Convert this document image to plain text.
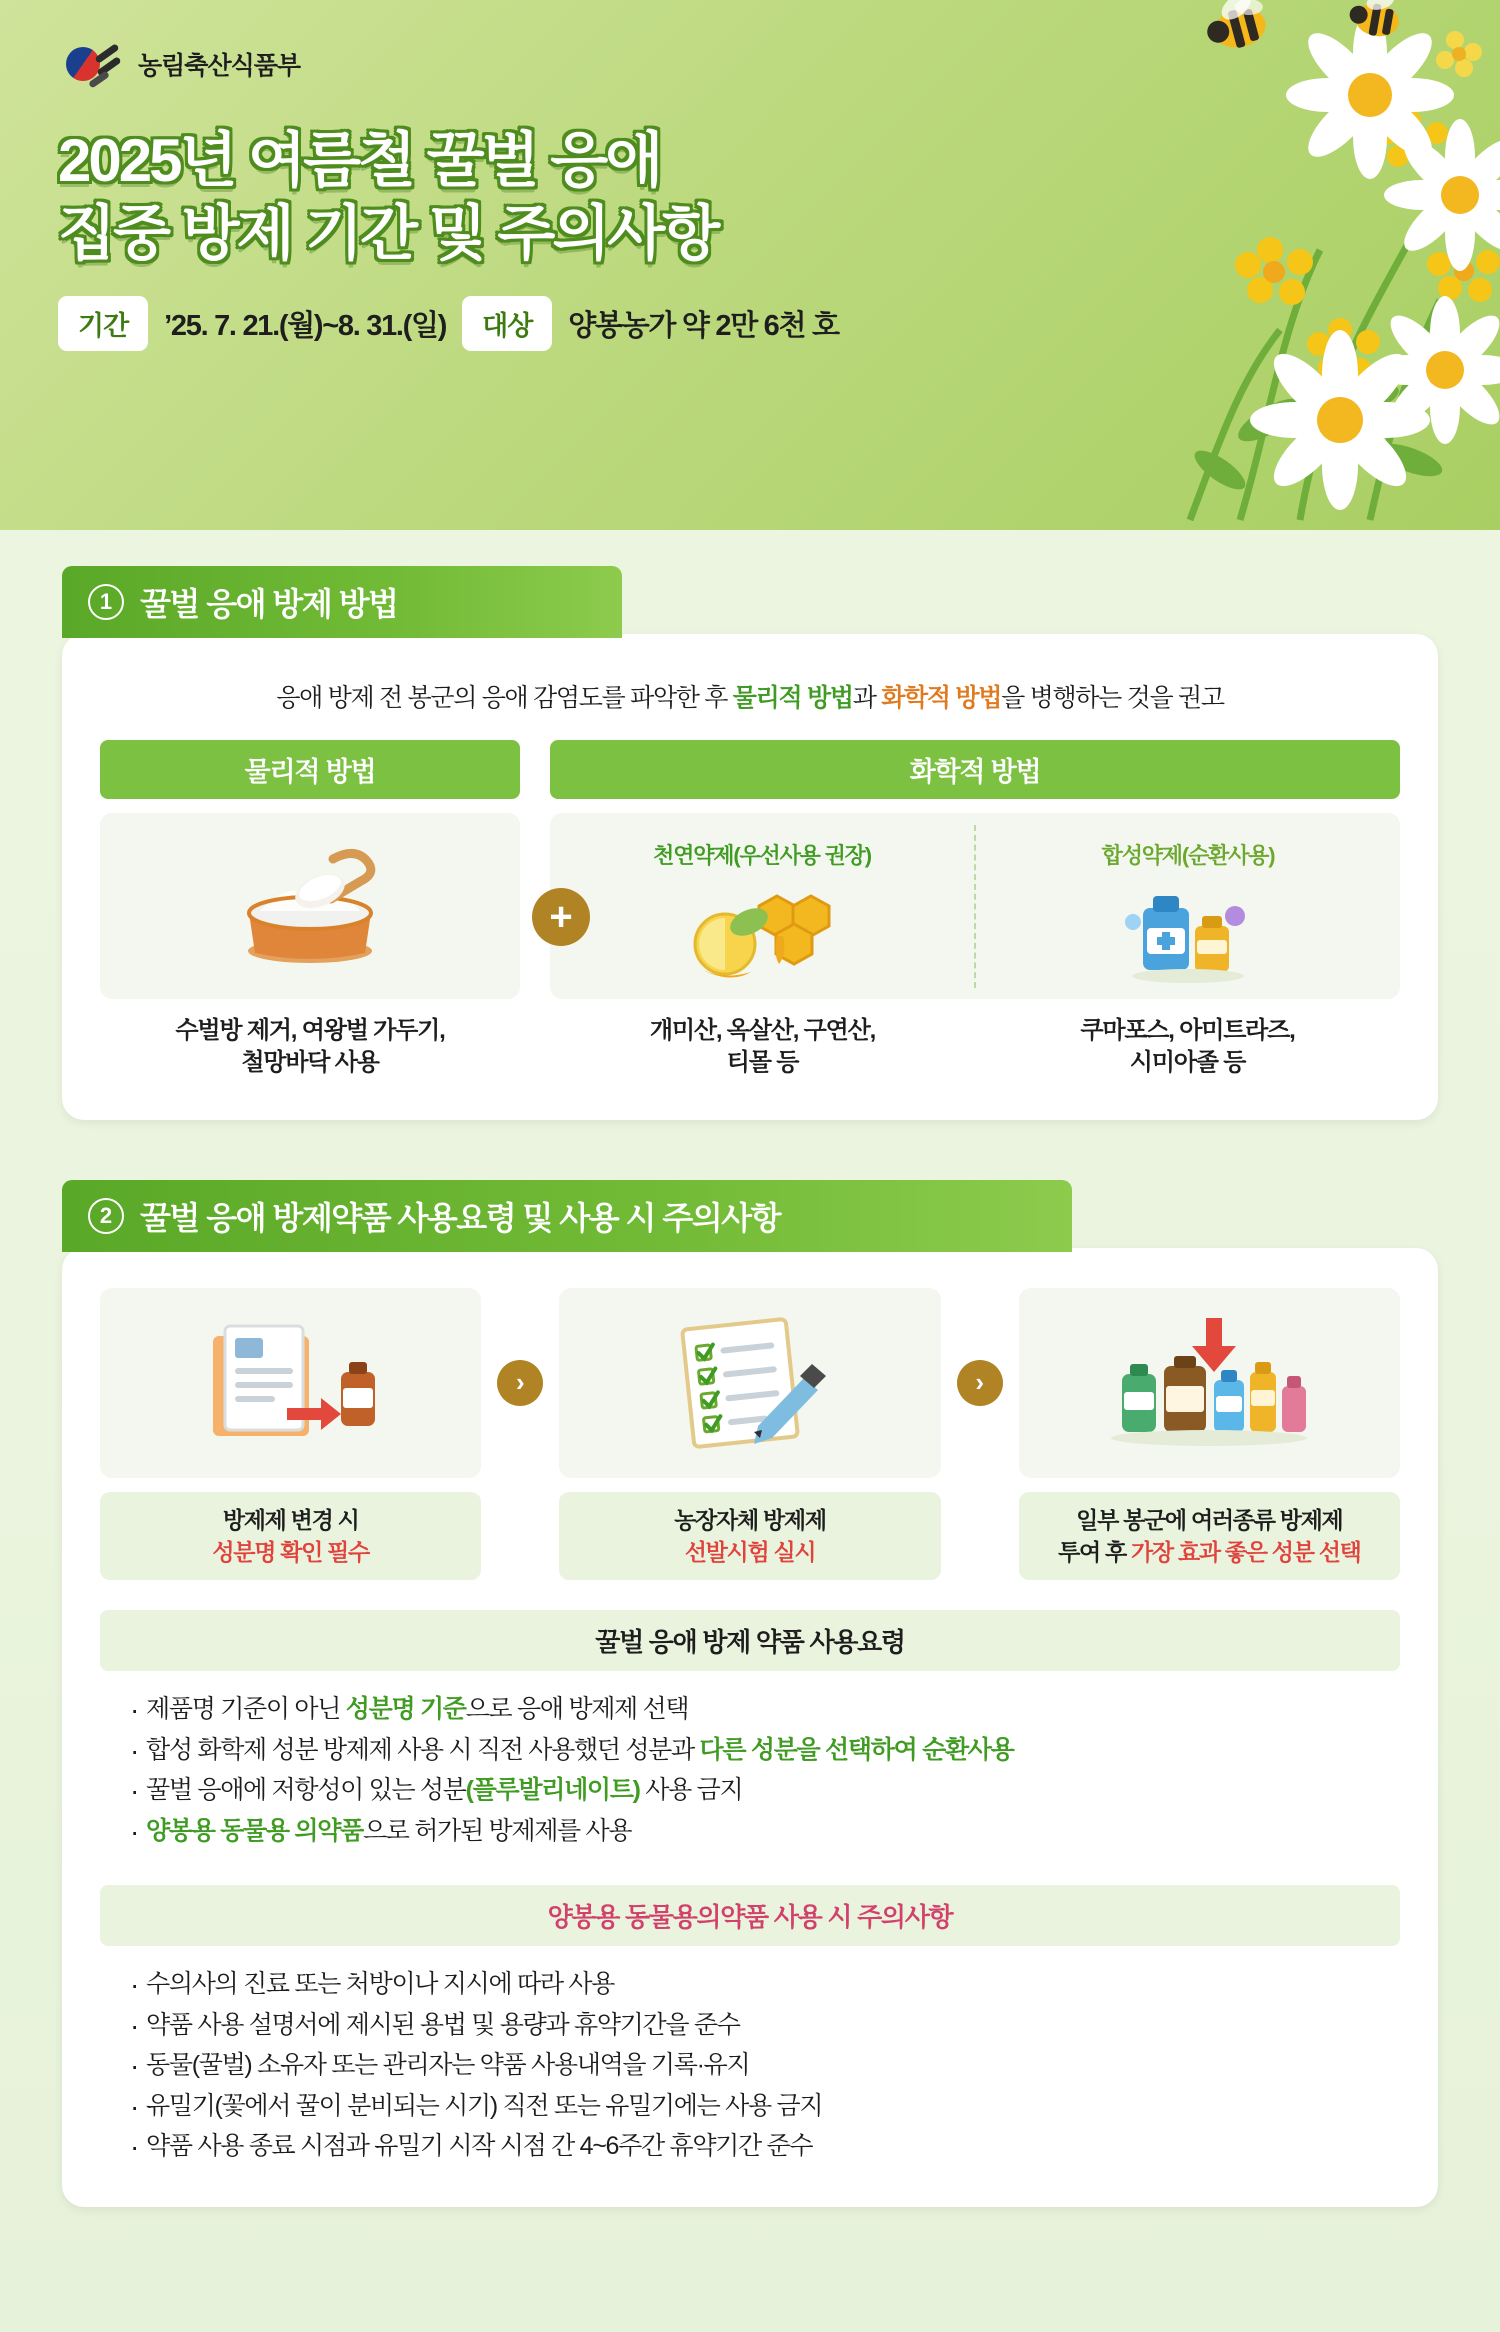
농림축산식품부
2025년 여름철 꿀벌 응애
집중 방제 기간 및 주의사항
기간	’25. 7. 21.(월)~8. 31.(일)	대상	양봉농가 약 2만 6천 호
1 꿀벌 응애 방제 방법
응애 방제 전 봉군의 응애 감염도를 파악한 후 물리적 방법과 화학적 방법을 병행하는 것을 권고
+
물리적 방법
수벌방 제거, 여왕벌 가두기,
철망바닥 사용
화학적 방법
천연약제(우선사용 권장)	합성약제(순환사용)
개미산, 옥살산, 구연산,
티몰 등
쿠마포스, 아미트라즈,
시미아졸 등
2 꿀벌 응애 방제약품 사용요령 및 사용 시 주의사항
방제제 변경 시
성분명 확인 필수
›
농장자체 방제제
선발시험 실시
›
일부 봉군에 여러종류 방제제
투여 후 가장 효과 좋은 성분 선택
꿀벌 응애 방제 약품 사용요령
· 제품명 기준이 아닌 성분명 기준으로 응애 방제제 선택
· 합성 화학제 성분 방제제 사용 시 직전 사용했던 성분과 다른 성분을 선택하여 순환사용
· 꿀벌 응애에 저항성이 있는 성분(플루발리네이트) 사용 금지
· 양봉용 동물용 의약품으로 허가된 방제제를 사용
양봉용 동물용의약품 사용 시 주의사항
· 수의사의 진료 또는 처방이나 지시에 따라 사용
· 약품 사용 설명서에 제시된 용법 및 용량과 휴약기간을 준수
· 동물(꿀벌) 소유자 또는 관리자는 약품 사용내역을 기록·유지
· 유밀기(꽃에서 꿀이 분비되는 시기) 직전 또는 유밀기에는 사용 금지
· 약품 사용 종료 시점과 유밀기 시작 시점 간 4~6주간 휴약기간 준수
